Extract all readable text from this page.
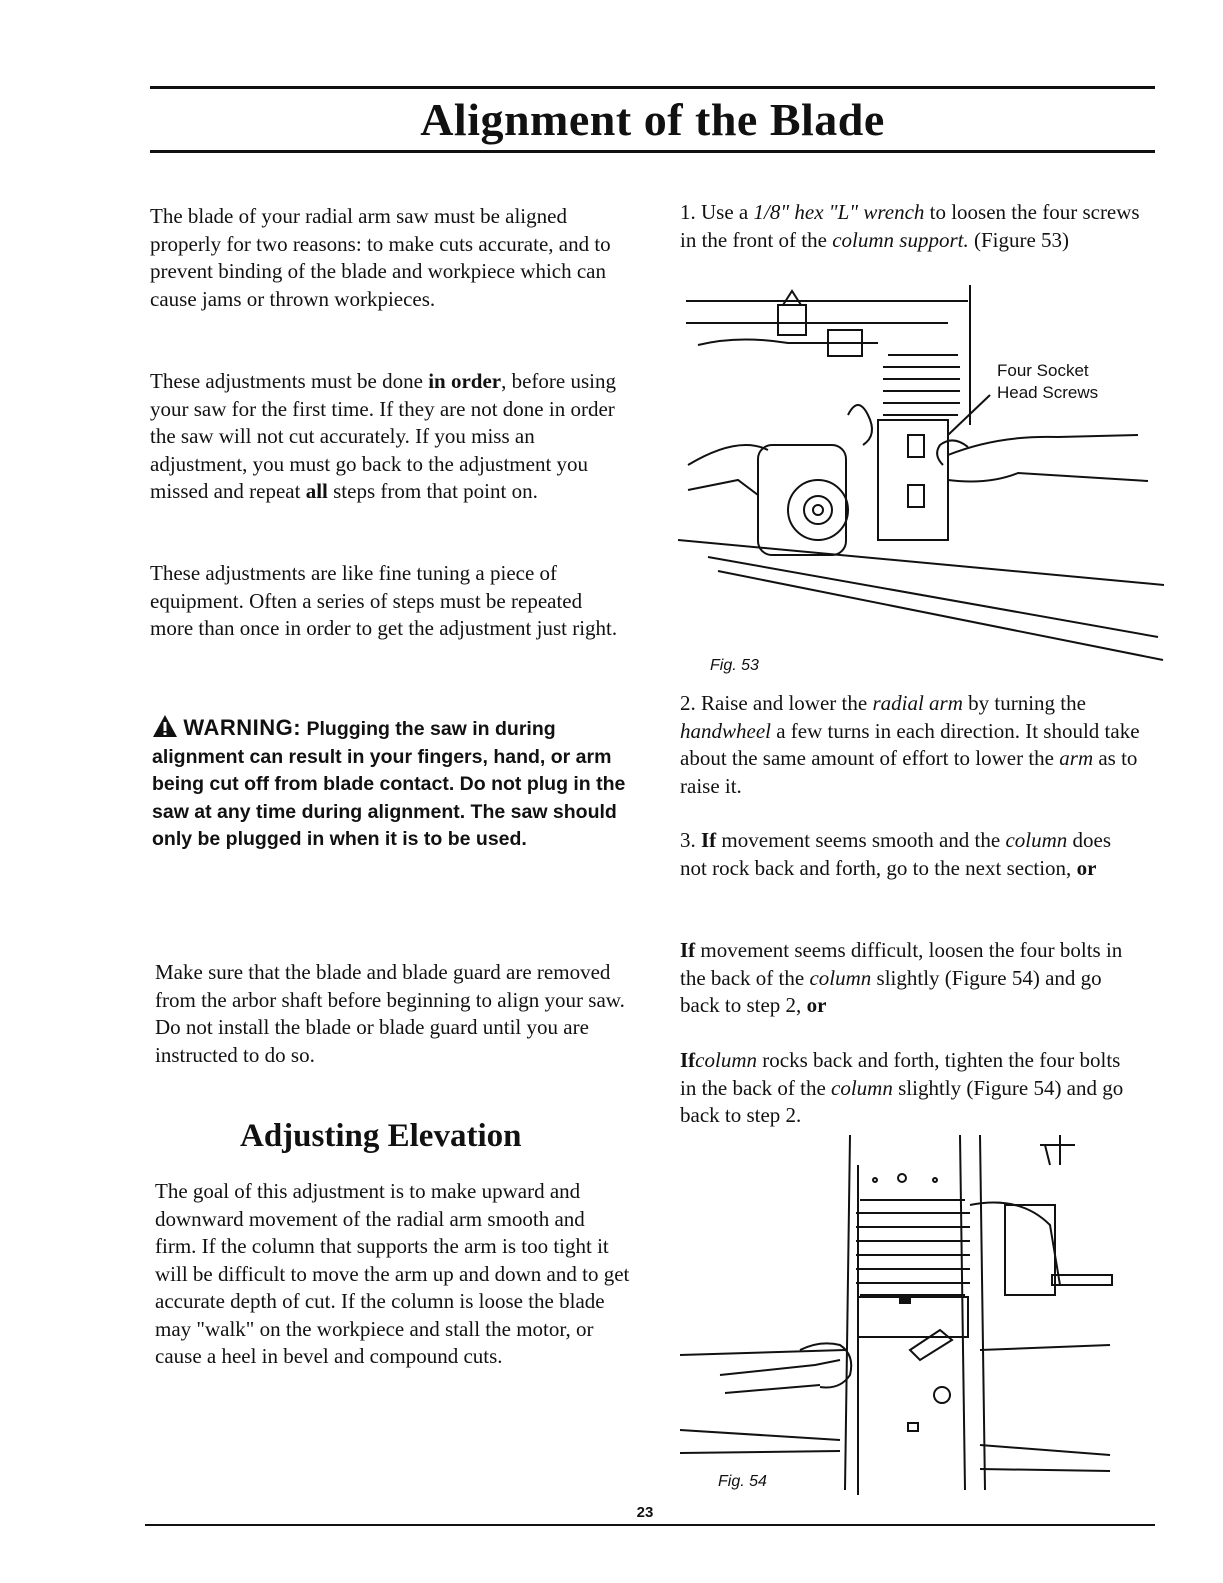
Alignment of the Blade
The blade of your radial arm saw must be aligned properly for two reasons: to make cuts accurate, and to prevent binding of the blade and workpiece which can cause jams or thrown workpieces.
These adjustments must be done in order, before using your saw for the first time. If they are not done in order the saw will not cut accurately. If you miss an adjustment, you must go back to the adjustment you missed and repeat all steps from that point on.
These adjustments are like fine tuning a piece of equipment. Often a series of steps must be repeated more than once in order to get the adjustment just right.
WARNING: Plugging the saw in during alignment can result in your fingers, hand, or arm being cut off from blade contact. Do not plug in the saw at any time during alignment. The saw should only be plugged in when it is to be used.
Make sure that the blade and blade guard are removed from the arbor shaft before beginning to align your saw. Do not install the blade or blade guard until you are instructed to do so.
Adjusting Elevation
The goal of this adjustment is to make upward and downward movement of the radial arm smooth and firm. If the column that supports the arm is too tight it will be difficult to move the arm up and down and to get accurate depth of cut. If the column is loose the blade may "walk" on the workpiece and stall the motor, or cause a heel in bevel and compound cuts.
1. Use a 1/8" hex "L" wrench to loosen the four screws in the front of the column support. (Figure 53)
Four Socket
Head Screws
Fig. 53
2. Raise and lower the radial arm by turning the handwheel a few turns in each direction. It should take about the same amount of effort to lower the arm as to raise it.
3. If movement seems smooth and the column does not rock back and forth, go to the next section, or
If movement seems difficult, loosen the four bolts in the back of the column slightly (Figure 54) and go back to step 2, or
Ifcolumn rocks back and forth, tighten the four bolts in the back of the column slightly (Figure 54) and go back to step 2.
Fig. 54
23
